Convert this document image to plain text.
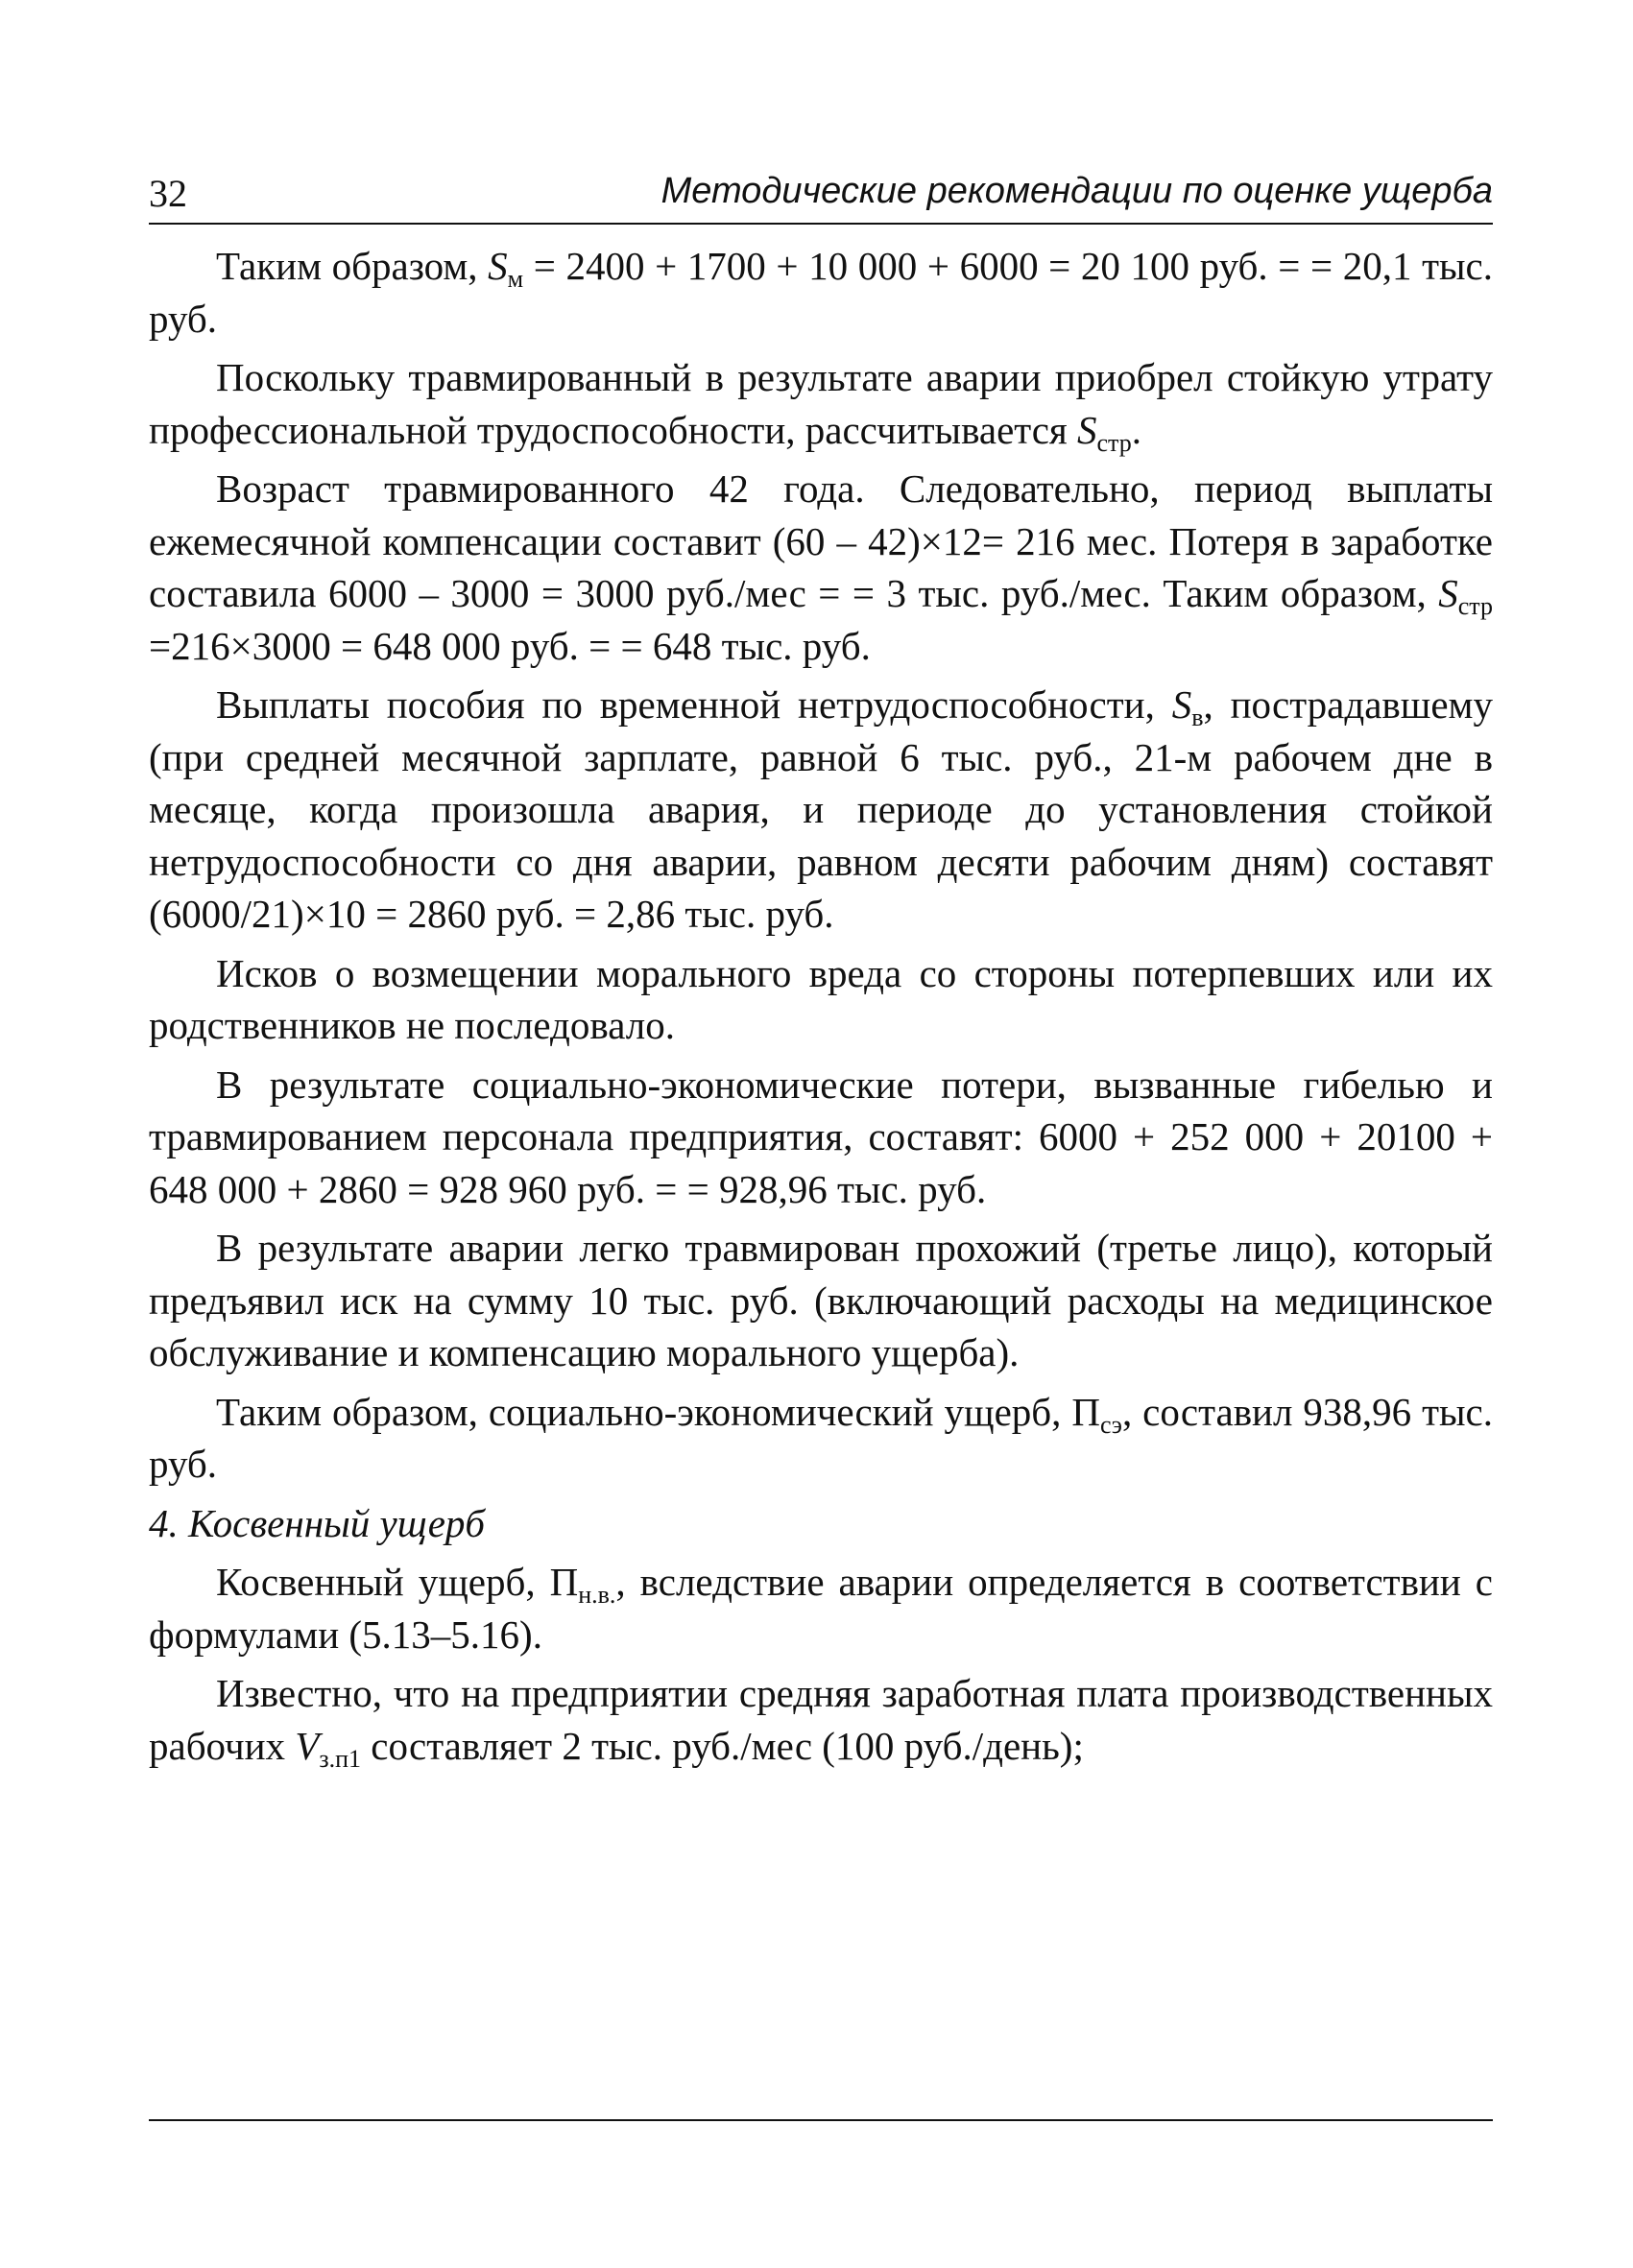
32	Методические рекомендации по оценке ущерба

Таким образом, $S_м = 2400 + 1700 + 10$ 000 + 6000 = 20 100 руб. = = 20,1 тыс. руб.

Поскольку травмированный в результате аварии приобрел стойкую утрату профессиональной трудоспособности, рассчитывается $S_{стр}$.

Возраст травмированного 42 года. Следовательно, период выплаты ежемесячной компенсации составит (60 – 42)×12= 216 мес. Потеря в заработке составила 6000 – 3000 = 3000 руб./мес = = 3 тыс. руб./мес. Таким образом, $S_{стр} =216\times 3000 = 648$ 000 руб. = = 648 тыс. руб.

Выплаты пособия по временной нетрудоспособности, $S_в$, пострадавшему (при средней месячной зарплате, равной 6 тыс. руб., 21-м рабочем дне в месяце, когда произошла авария, и периоде до установления стойкой нетрудоспособности со дня аварии, равном десяти рабочим дням) составят (6000/21)×10 = 2860 руб. = 2,86 тыс. руб.

Исков о возмещении морального вреда со стороны потерпевших или их родственников не последовало.

В результате социально-экономические потери, вызванные гибелью и травмированием персонала предприятия, составят: 6000 + 252 000 + 20100 + 648 000 + 2860 = 928 960 руб. = = 928,96 тыс. руб.

В результате аварии легко травмирован прохожий (третье лицо), который предъявил иск на сумму 10 тыс. руб. (включающий расходы на медицинское обслуживание и компенсацию морального ущерба).

Таким образом, социально-экономический ущерб, $П_{сэ}$, составил 938,96 тыс. руб.

4. Косвенный ущерб

Косвенный ущерб, $П_{н.в.}$, вследствие аварии определяется в соответствии с формулами (5.13–5.16).

Известно, что на предприятии средняя заработная плата производственных рабочих $V_{з.п1}$ составляет 2 тыс. руб./мес (100 руб./день);
